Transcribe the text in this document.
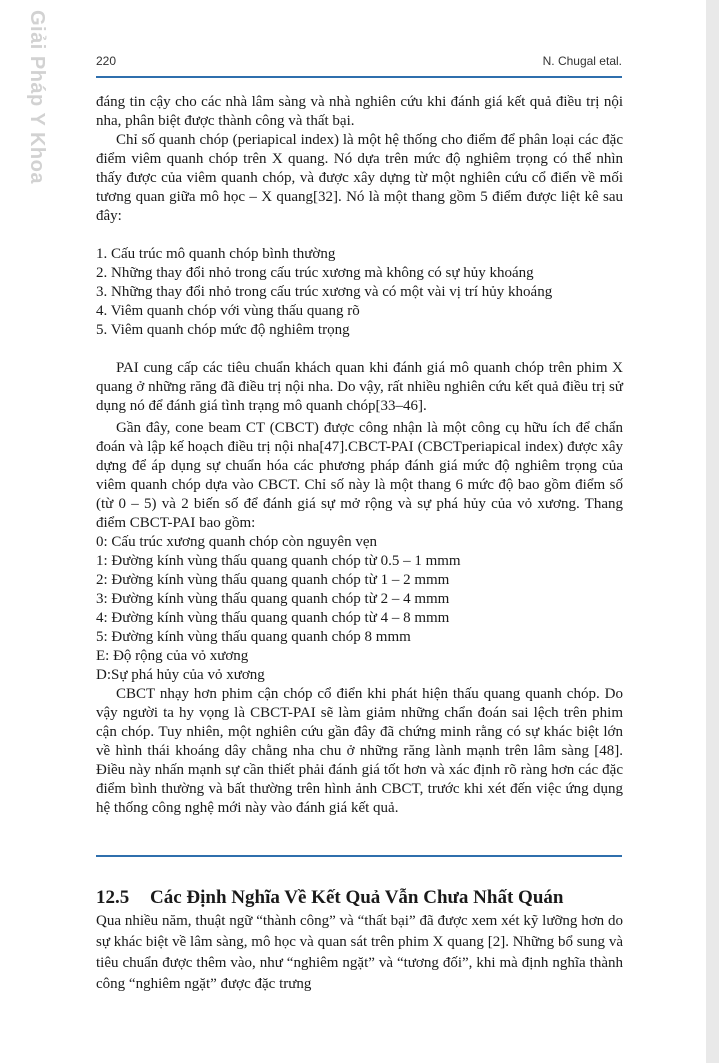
Giải Pháp Y Khoa	220	N. Chugal etal.

đáng tin cậy cho các nhà lâm sàng và nhà nghiên cứu khi đánh giá kết quả điều trị nội nha, phân biệt được thành công và thất bại.

Chỉ số quanh chóp (periapical index) là một hệ thống cho điểm để phân loại các đặc điểm viêm quanh chóp trên X quang. Nó dựa trên mức độ nghiêm trọng có thể nhìn thấy được của viêm quanh chóp, và được xây dựng từ một nghiên cứu cổ điển về mối tương quan giữa mô học – X quang[32]. Nó là một thang gồm 5 điểm được liệt kê sau đây:

1. Cấu trúc mô quanh chóp bình thường
2. Những thay đổi nhỏ trong cấu trúc xương mà không có sự hủy khoáng
3. Những thay đổi nhỏ trong cấu trúc xương và có một vài vị trí hủy khoáng
4. Viêm quanh chóp với vùng thấu quang rõ
5. Viêm quanh chóp mức độ nghiêm trọng

PAI cung cấp các tiêu chuẩn khách quan khi đánh giá mô quanh chóp trên phim X quang ở những răng đã điều trị nội nha. Do vậy, rất nhiều nghiên cứu kết quả điều trị sử dụng nó để đánh giá tình trạng mô quanh chóp[33–46].

Gần đây, cone beam CT (CBCT) được công nhận là một công cụ hữu ích để chẩn đoán và lập kế hoạch điều trị nội nha[47].CBCT-PAI (CBCTperiapical index) được xây dựng để áp dụng sự chuẩn hóa các phương pháp đánh giá mức độ nghiêm trọng của viêm quanh chóp dựa vào CBCT. Chỉ số này là một thang 6 mức độ bao gồm điểm số (từ 0 – 5) và 2 biến số để đánh giá sự mở rộng và sự phá hủy của vỏ xương. Thang điểm CBCT-PAI bao gồm:

0: Cấu trúc xương quanh chóp còn nguyên vẹn
1: Đường kính vùng thấu quang quanh chóp từ 0.5 – 1 mmm
2: Đường kính vùng thấu quang quanh chóp từ 1 – 2 mmm
3: Đường kính vùng thấu quang quanh chóp từ 2 – 4 mmm
4: Đường kính vùng thấu quang quanh chóp từ 4 – 8 mmm
5: Đường kính vùng thấu quang quanh chóp 8 mmm
E: Độ rộng của vỏ xương
D:Sự phá hủy của vỏ xương

CBCT nhạy hơn phim cận chóp cổ điển khi phát hiện thấu quang quanh chóp. Do vậy người ta hy vọng là CBCT-PAI sẽ làm giảm những chẩn đoán sai lệch trên phim cận chóp. Tuy nhiên, một nghiên cứu gần đây đã chứng minh rằng có sự khác biệt lớn về hình thái khoáng dây chằng nha chu ở những răng lành mạnh trên lâm sàng [48]. Điều này nhấn mạnh sự cần thiết phải đánh giá tốt hơn và xác định rõ ràng hơn các đặc điểm bình thường và bất thường trên hình ảnh CBCT, trước khi xét đến việc ứng dụng hệ thống công nghệ mới này vào đánh giá kết quả.

12.5 Các Định Nghĩa Về Kết Quả Vẫn Chưa Nhất Quán

Qua nhiều năm, thuật ngữ “thành công” và “thất bại” đã được xem xét kỹ lưỡng hơn do sự khác biệt về lâm sàng, mô học và quan sát trên phim X quang [2]. Những bổ sung và tiêu chuẩn được thêm vào, như “nghiêm ngặt” và “tương đối”, khi mà định nghĩa thành công “nghiêm ngặt” được đặc trưng
